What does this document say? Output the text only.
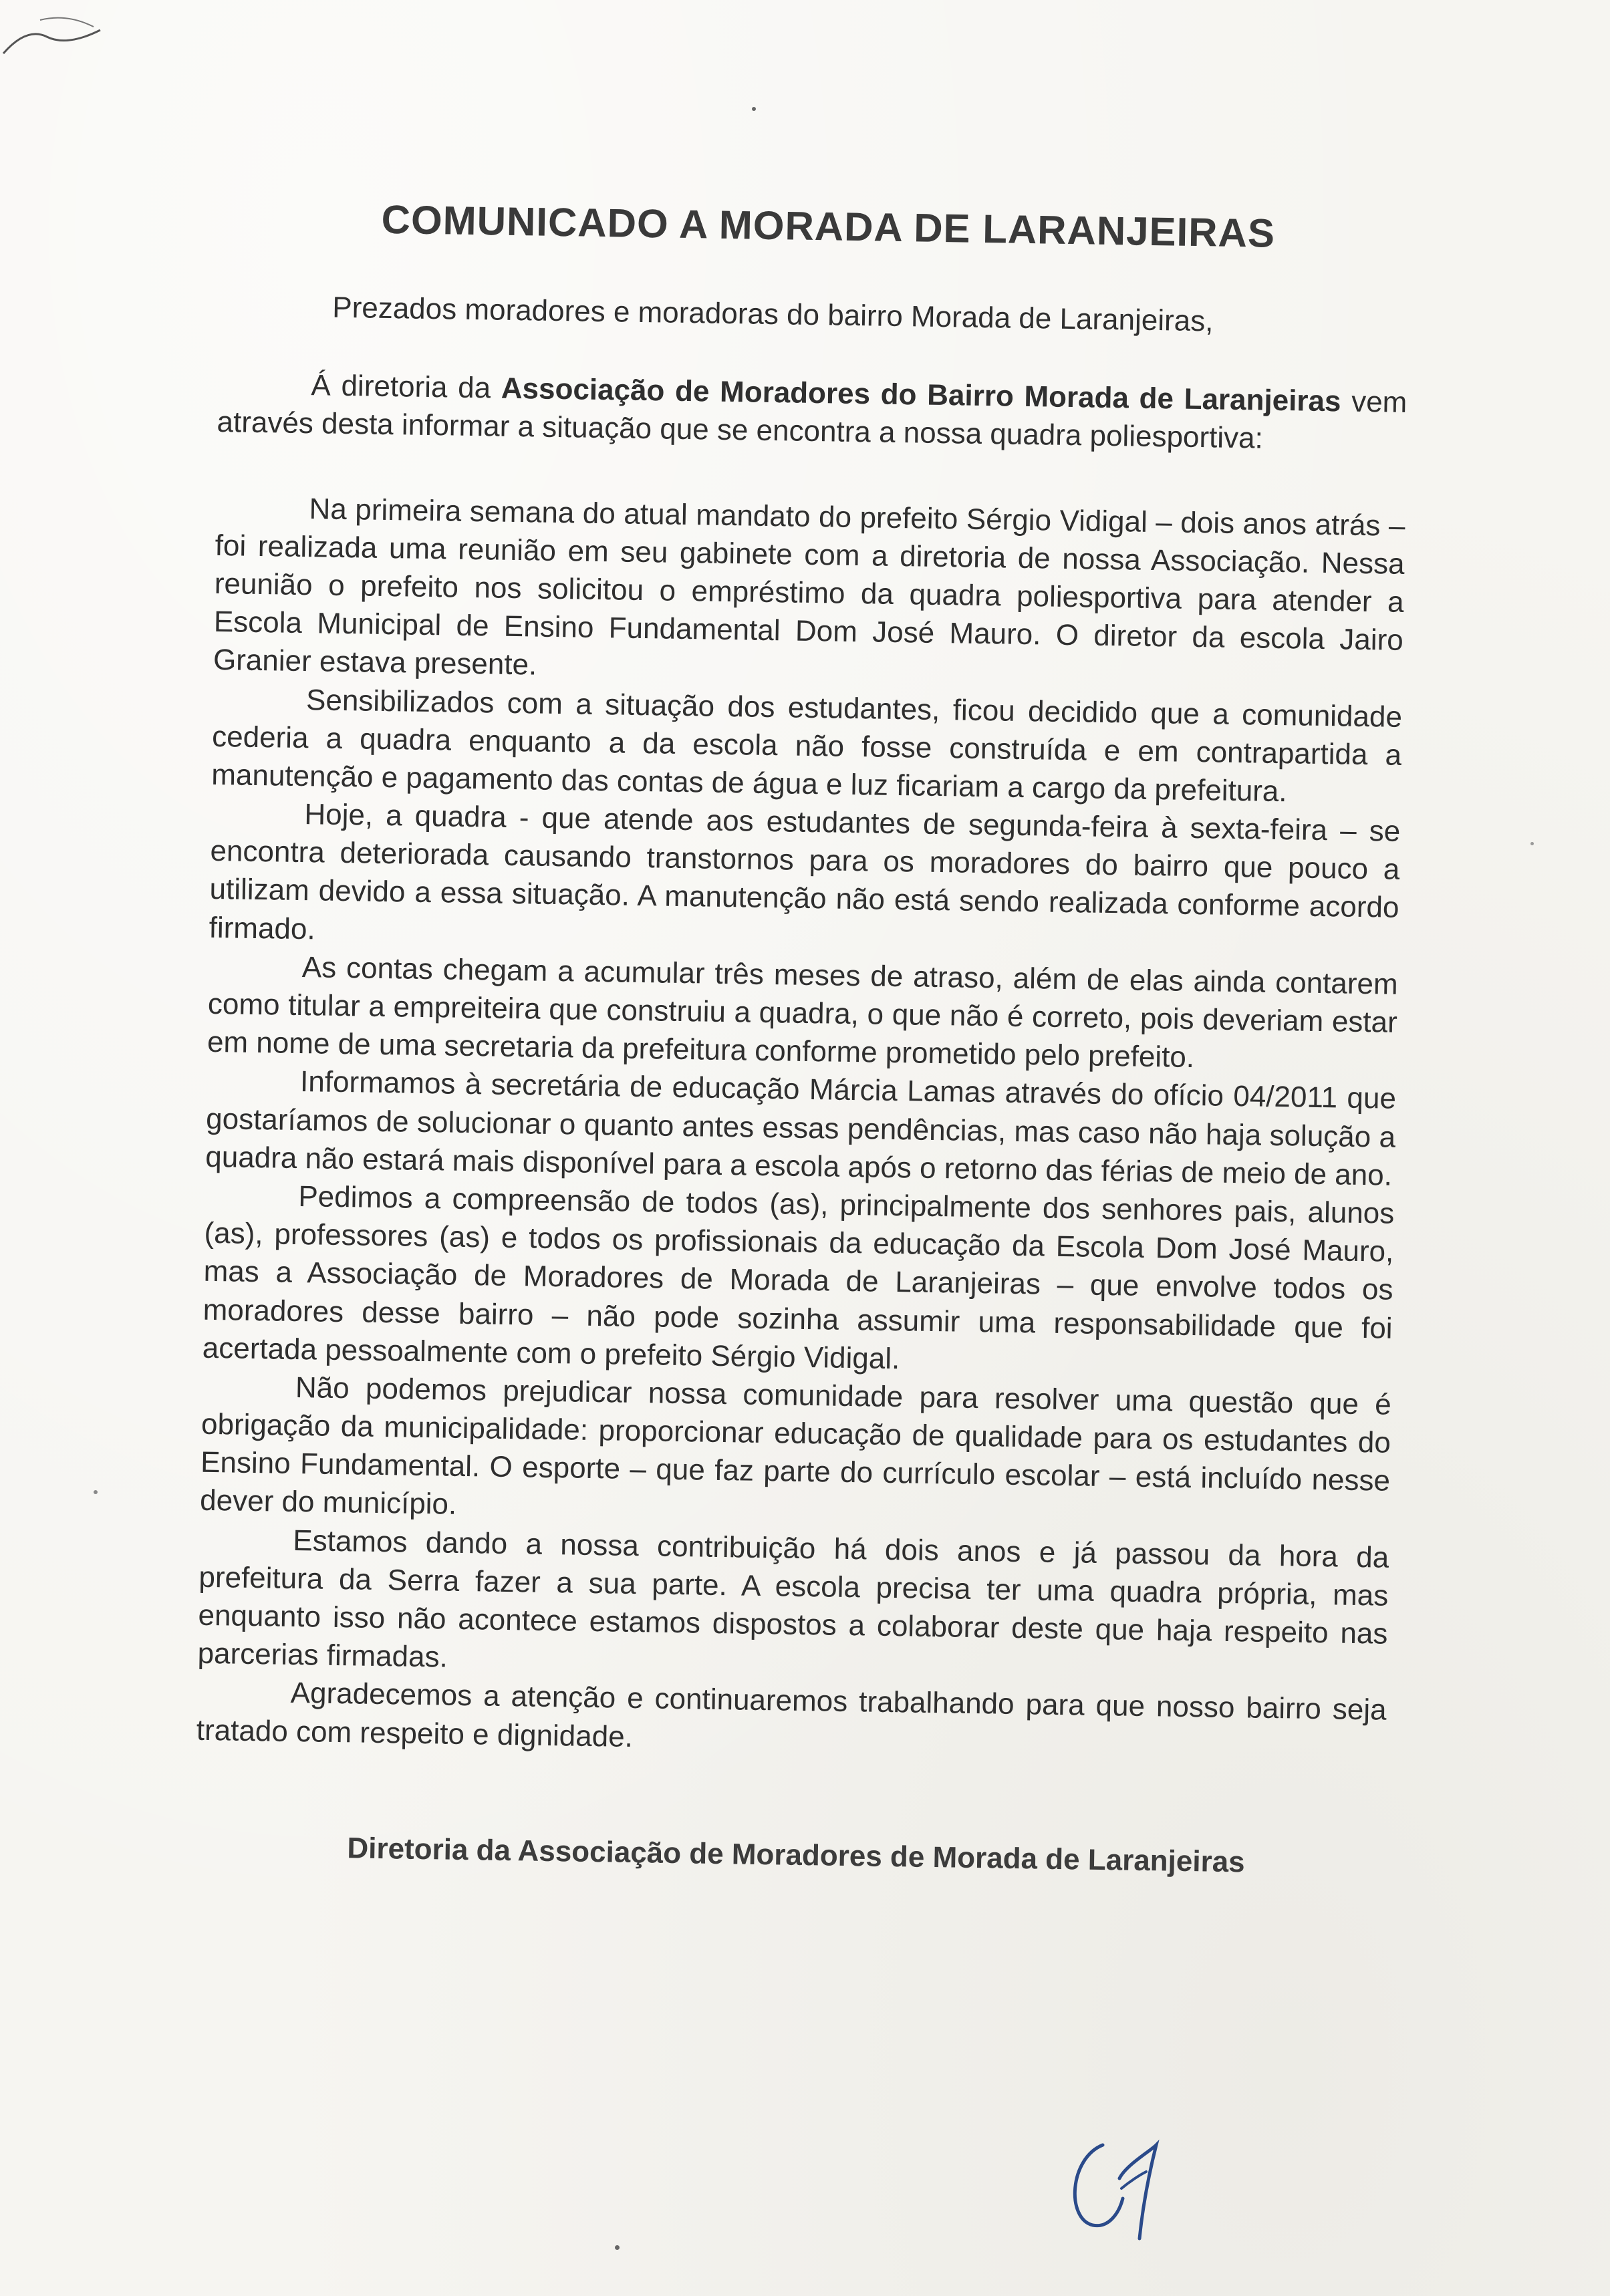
COMUNICADO A MORADA DE LARANJEIRAS

Prezados moradores e moradoras do bairro Morada de Laranjeiras,

Á diretoria da Associação de Moradores do Bairro Morada de Laranjeiras vem através desta informar a situação que se encontra a nossa quadra poliesportiva:

Na primeira semana do atual mandato do prefeito Sérgio Vidigal – dois anos atrás – foi realizada uma reunião em seu gabinete com a diretoria de nossa Associação. Nessa reunião o prefeito nos solicitou o empréstimo da quadra poliesportiva para atender a Escola Municipal de Ensino Fundamental Dom José Mauro. O diretor da escola Jairo Granier estava presente.

Sensibilizados com a situação dos estudantes, ficou decidido que a comunidade cederia a quadra enquanto a da escola não fosse construída e em contrapartida a manutenção e pagamento das contas de água e luz ficariam a cargo da prefeitura.

Hoje, a quadra - que atende aos estudantes de segunda-feira à sexta-feira – se encontra deteriorada causando transtornos para os moradores do bairro que pouco a utilizam devido a essa situação. A manutenção não está sendo realizada conforme acordo firmado.

As contas chegam a acumular três meses de atraso, além de elas ainda contarem como titular a empreiteira que construiu a quadra, o que não é correto, pois deveriam estar em nome de uma secretaria da prefeitura conforme prometido pelo prefeito.

Informamos à secretária de educação Márcia Lamas através do ofício 04/2011 que gostaríamos de solucionar o quanto antes essas pendências, mas caso não haja solução a quadra não estará mais disponível para a escola após o retorno das férias de meio de ano.

Pedimos a compreensão de todos (as), principalmente dos senhores pais, alunos (as), professores (as) e todos os profissionais da educação da Escola Dom José Mauro, mas a Associação de Moradores de Morada de Laranjeiras – que envolve todos os moradores desse bairro – não pode sozinha assumir uma responsabilidade que foi acertada pessoalmente com o prefeito Sérgio Vidigal.

Não podemos prejudicar nossa comunidade para resolver uma questão que é obrigação da municipalidade: proporcionar educação de qualidade para os estudantes do Ensino Fundamental. O esporte – que faz parte do currículo escolar – está incluído nesse dever do município.

Estamos dando a nossa contribuição há dois anos e já passou da hora da prefeitura da Serra fazer a sua parte. A escola precisa ter uma quadra própria, mas enquanto isso não acontece estamos dispostos a colaborar deste que haja respeito nas parcerias firmadas.

Agradecemos a atenção e continuaremos trabalhando para que nosso bairro seja tratado com respeito e dignidade.

Diretoria da Associação de Moradores de Morada de Laranjeiras
